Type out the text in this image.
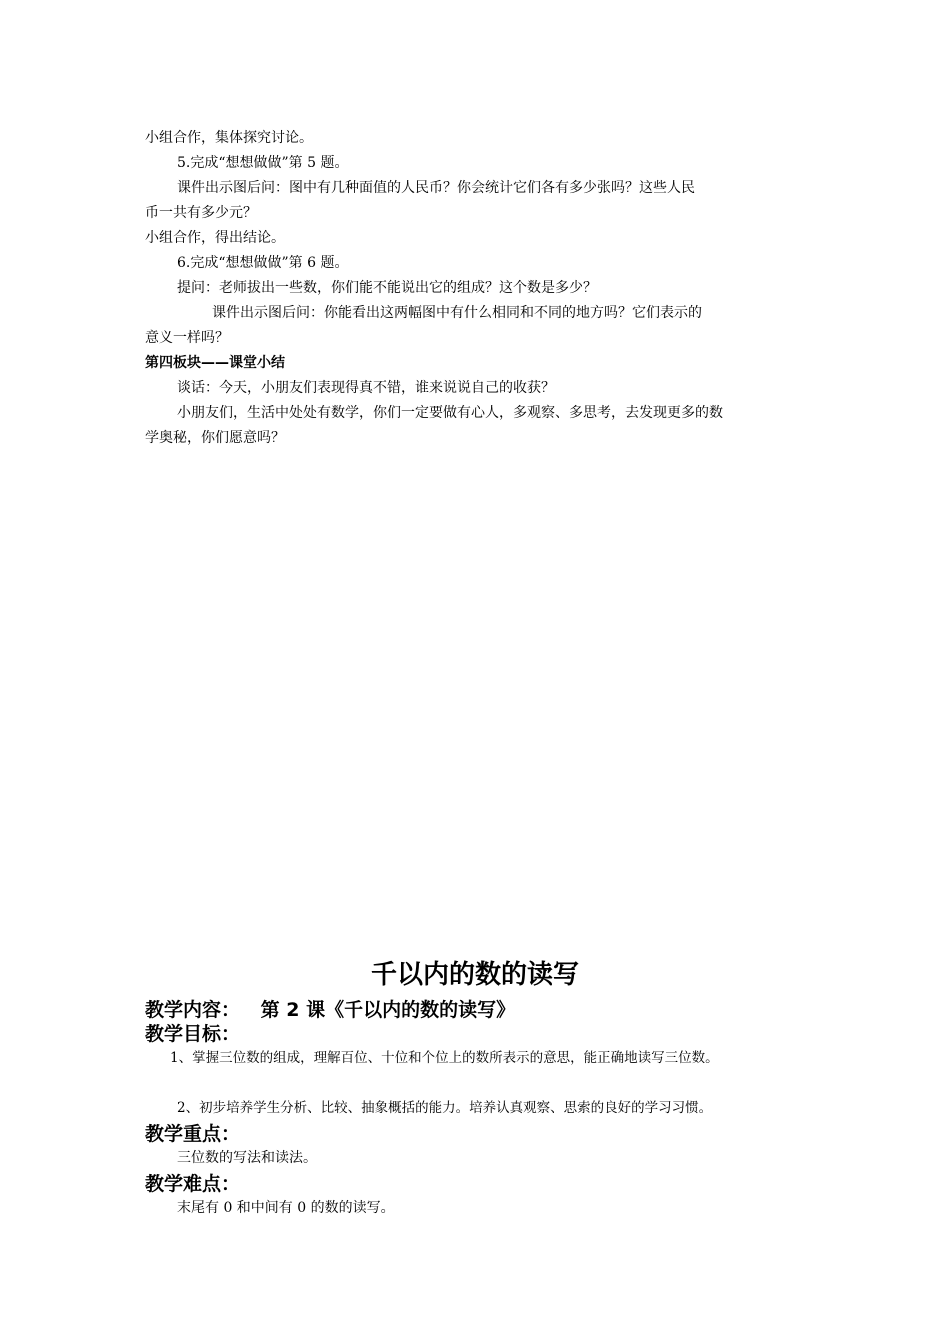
小组合作，集体探究讨论。
5.完成“想想做做”第 5 题。
课件出示图后问：图中有几种面值的人民币？你会统计它们各有多少张吗？这些人民
币一共有多少元？
小组合作，得出结论。
6.完成“想想做做”第 6 题。
提问：老师拔出一些数，你们能不能说出它的组成？这个数是多少？
课件出示图后问：你能看出这两幅图中有什么相同和不同的地方吗？它们表示的
意义一样吗？
第四板块——课堂小结
谈话：今天，小朋友们表现得真不错，谁来说说自己的收获？
小朋友们，生活中处处有数学，你们一定要做有心人，多观察、多思考，去发现更多的数
学奥秘，你们愿意吗？
千以内的数的读写
教学内容： 第 2 课《千以内的数的读写》
教学目标：
1、掌握三位数的组成，理解百位、十位和个位上的数所表示的意思，能正确地读写三位数。
2、初步培养学生分析、比较、抽象概括的能力。培养认真观察、思索的良好的学习习惯。
教学重点：
三位数的写法和读法。
教学难点：
末尾有 0 和中间有 0 的数的读写。
